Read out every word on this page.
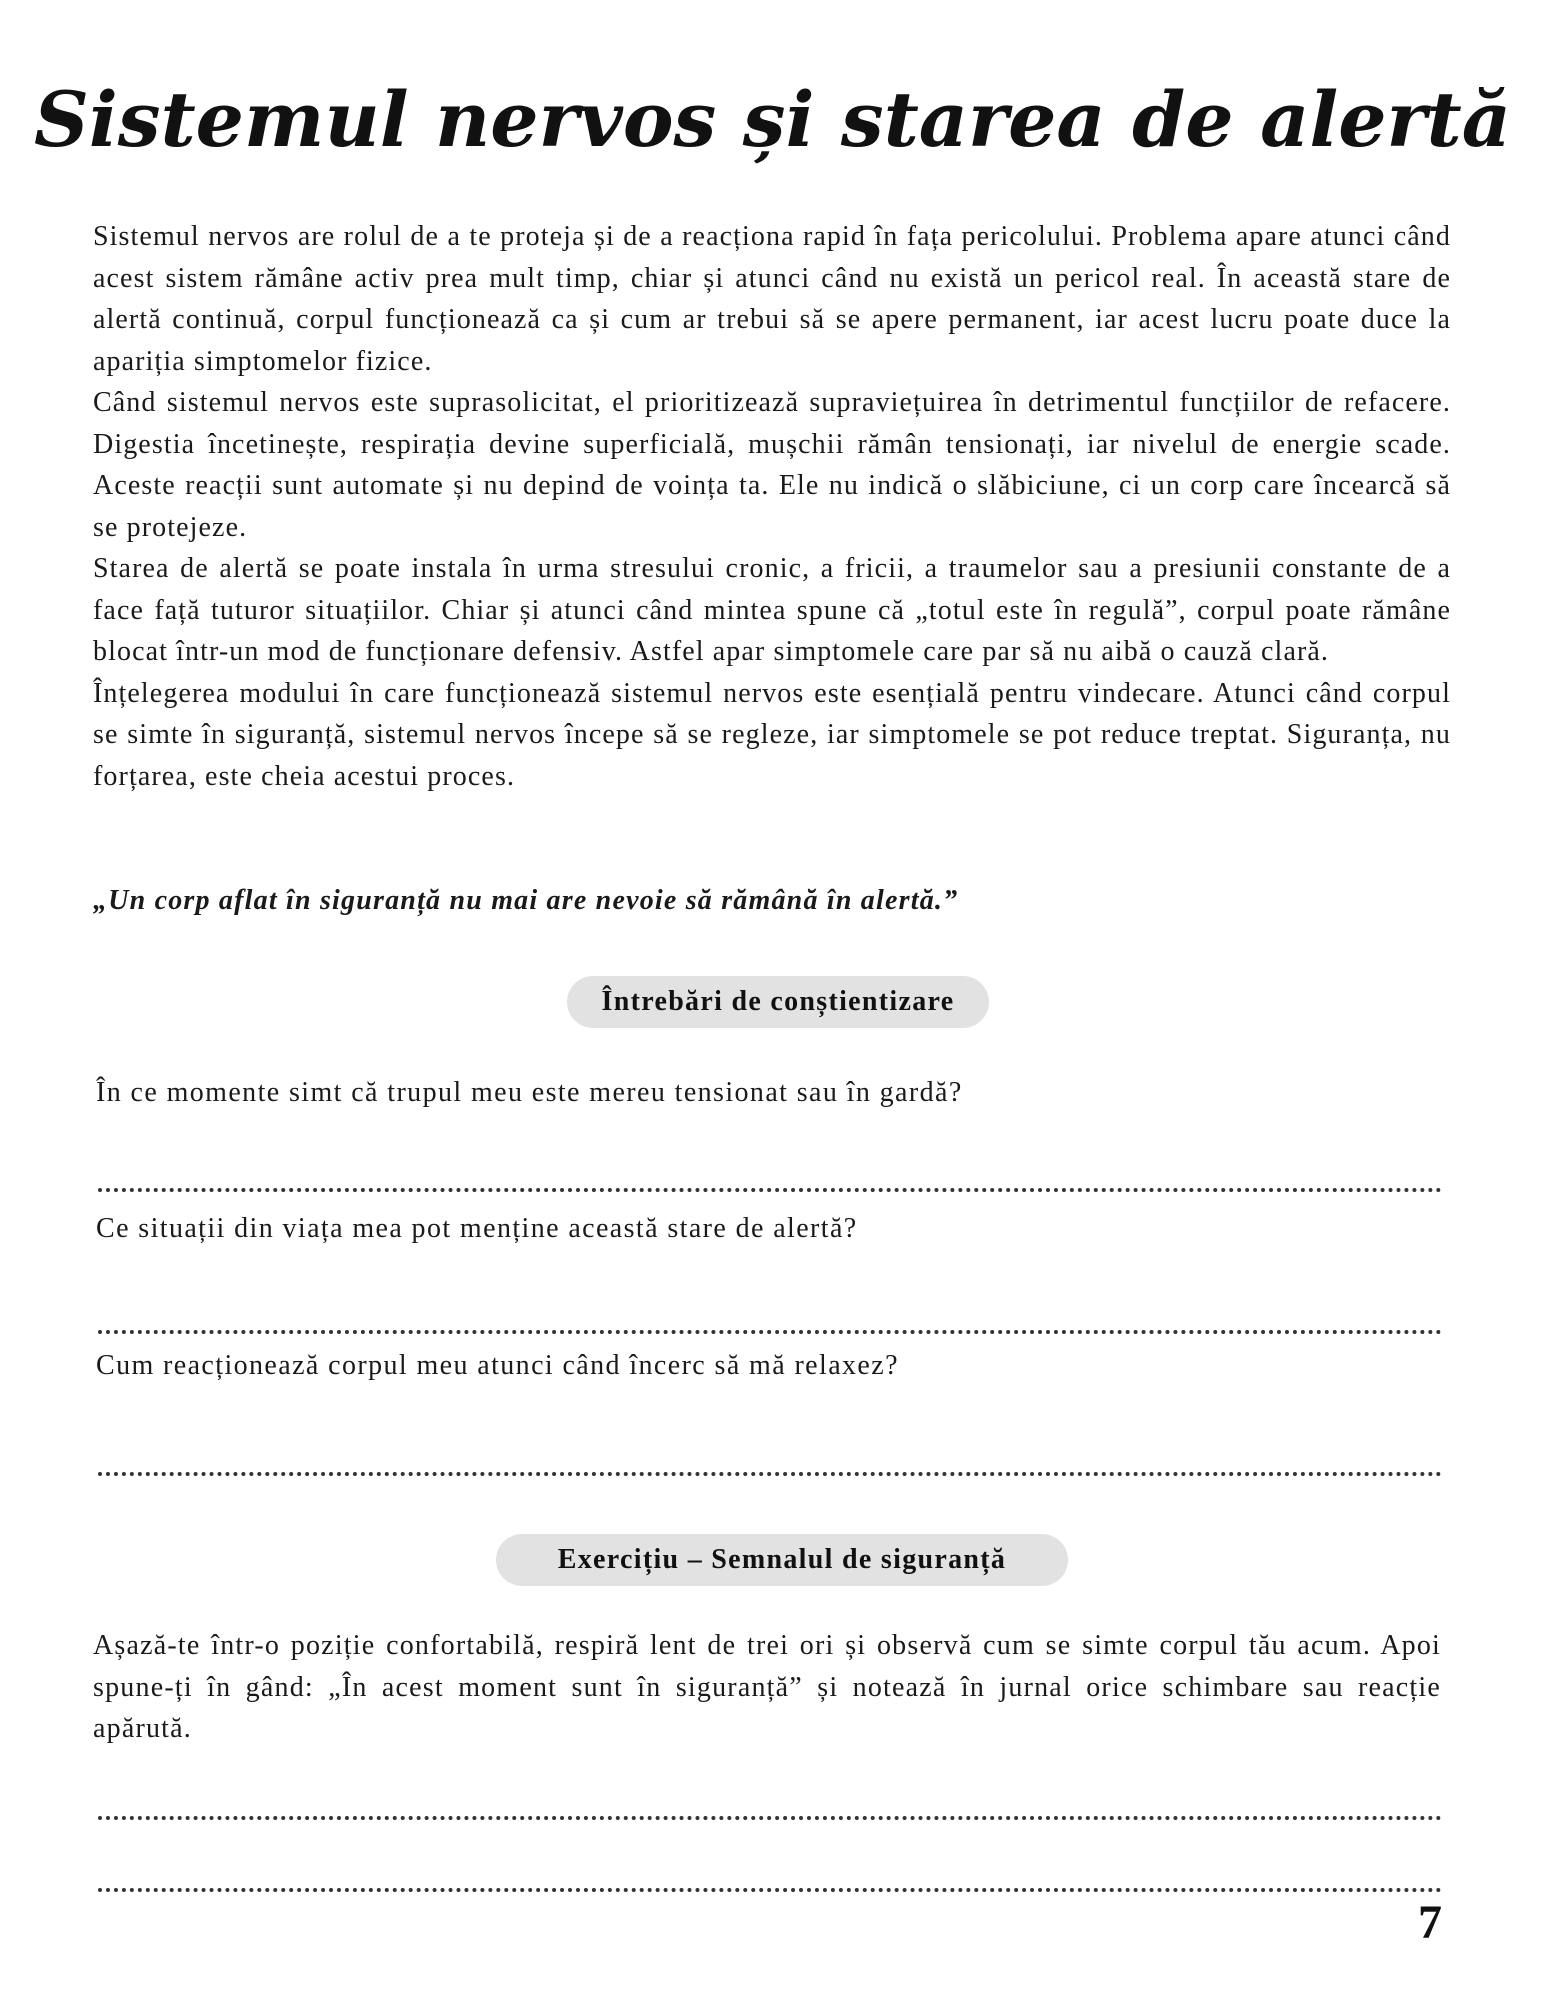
Sistemul nervos și starea de alertă

Sistemul nervos are rolul de a te proteja și de a reacționa rapid în fața pericolului. Problema apare atunci când acest sistem rămâne activ prea mult timp, chiar și atunci când nu există un pericol real. În această stare de alertă continuă, corpul funcționează ca și cum ar trebui să se apere permanent, iar acest lucru poate duce la apariția simptomelor fizice.

Când sistemul nervos este suprasolicitat, el prioritizează supraviețuirea în detrimentul funcțiilor de refacere. Digestia încetinește, respirația devine superficială, mușchii rămân tensionați, iar nivelul de energie scade. Aceste reacții sunt automate și nu depind de voința ta. Ele nu indică o slăbiciune, ci un corp care încearcă să se protejeze.

Starea de alertă se poate instala în urma stresului cronic, a fricii, a traumelor sau a presiunii constante de a face față tuturor situațiilor. Chiar și atunci când mintea spune că „totul este în regulă”, corpul poate rămâne blocat într-un mod de funcționare defensiv. Astfel apar simptomele care par să nu aibă o cauză clară.

Înțelegerea modului în care funcționează sistemul nervos este esențială pentru vindecare. Atunci când corpul se simte în siguranță, sistemul nervos începe să se regleze, iar simptomele se pot reduce treptat. Siguranța, nu forțarea, este cheia acestui proces.

„Un corp aflat în siguranță nu mai are nevoie să rămână în alertă.”

Întrebări de conștientizare

În ce momente simt că trupul meu este mereu tensionat sau în gardă?

Ce situații din viața mea pot menține această stare de alertă?

Cum reacționează corpul meu atunci când încerc să mă relaxez?

Exercițiu – Semnalul de siguranță

Așază-te într-o poziție confortabilă, respiră lent de trei ori și observă cum se simte corpul tău acum. Apoi spune-ți în gând: „În acest moment sunt în siguranță” și notează în jurnal orice schimbare sau reacție apărută.

7
